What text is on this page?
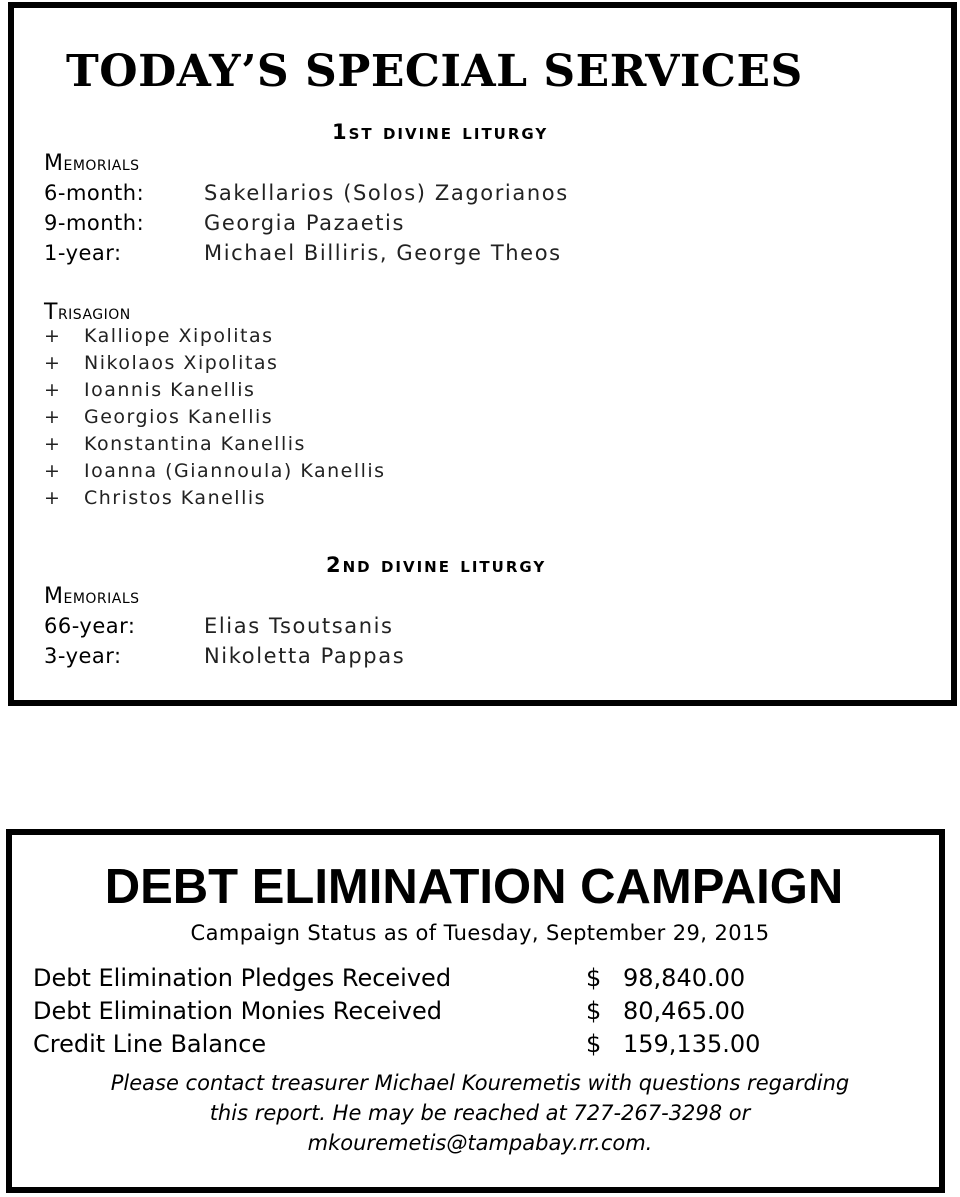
TODAY’S SPECIAL SERVICES
1st divine liturgy
Memorials
6-month:	Sakellarios (Solos) Zagorianos
9-month:	Georgia Pazaetis
1-year:	Michael Billiris, George Theos
Trisagion
+	Kalliope Xipolitas
+	Nikolaos Xipolitas
+	Ioannis Kanellis
+	Georgios Kanellis
+	Konstantina Kanellis
+	Ioanna (Giannoula) Kanellis
+	Christos Kanellis
2nd divine liturgy
Memorials
66-year:	Elias Tsoutsanis
3-year:	Nikoletta Pappas
DEBT ELIMINATION CAMPAIGN

Campaign Status as of Tuesday, September 29, 2015

Debt Elimination Pledges Received	$ 98,840.00
Debt Elimination Monies Received	$ 80,465.00
Credit Line Balance	$ 159,135.00

Please contact treasurer Michael Kouremetis with questions regarding
this report. He may be reached at 727-267-3298 or
mkouremetis@tampabay.rr.com.
